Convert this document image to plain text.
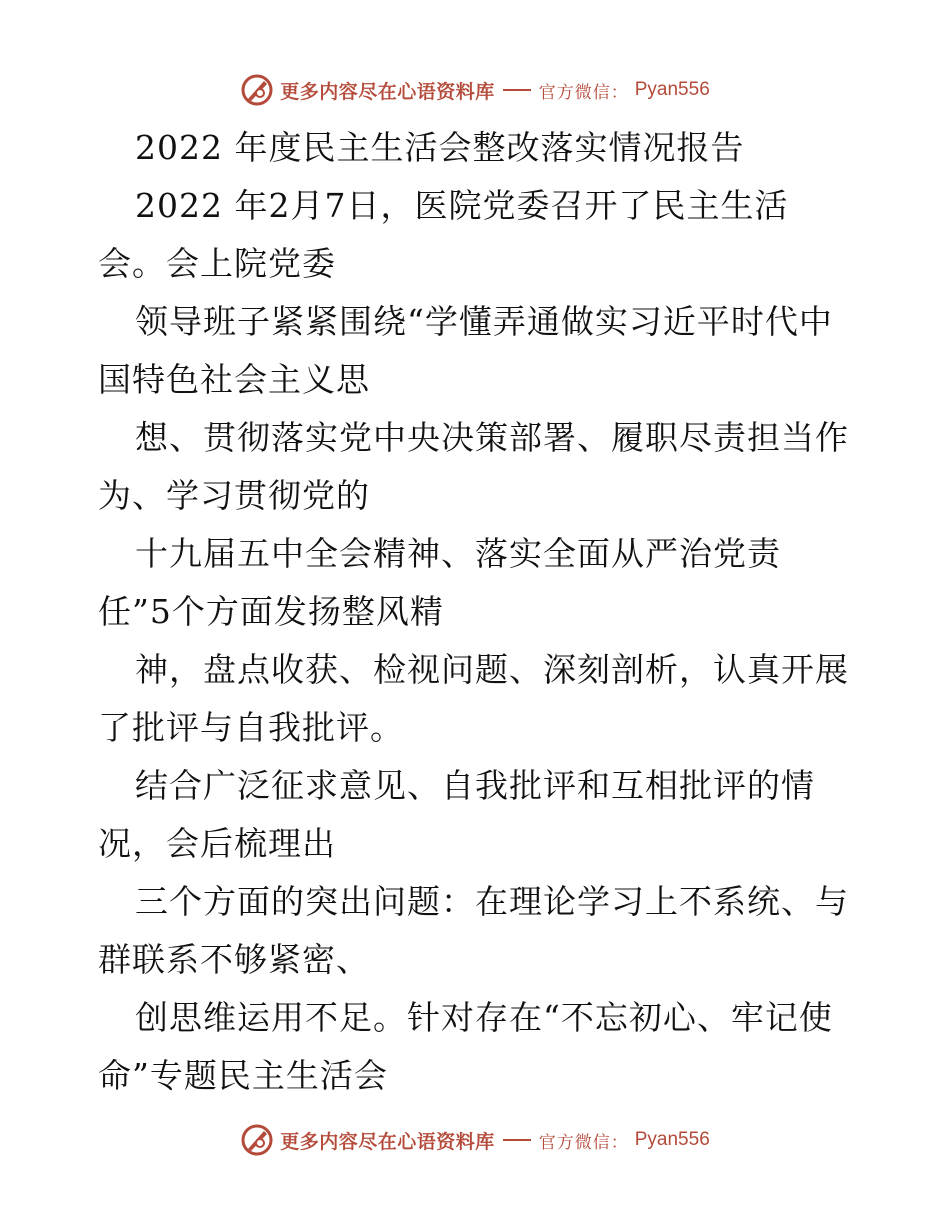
更多内容尽在心语资料库	官方微信： Pyan556
2022 年度民主生活会整改落实情况报告
2022 年2月7日，医院党委召开了民主生活
会。会上院党委
领导班子紧紧围绕“学懂弄通做实习近平时代中
国特色社会主义思
想、贯彻落实党中央决策部署、履职尽责担当作
为、学习贯彻党的
十九届五中全会精神、落实全面从严治党责
任”5个方面发扬整风精
神，盘点收获、检视问题、深刻剖析，认真开展
了批评与自我批评。
结合广泛征求意见、自我批评和互相批评的情
况，会后梳理出
三个方面的突出问题：在理论学习上不系统、与
群联系不够紧密、
创思维运用不足。针对存在“不忘初心、牢记使
命”专题民主生活会
更多内容尽在心语资料库	官方微信： Pyan556
